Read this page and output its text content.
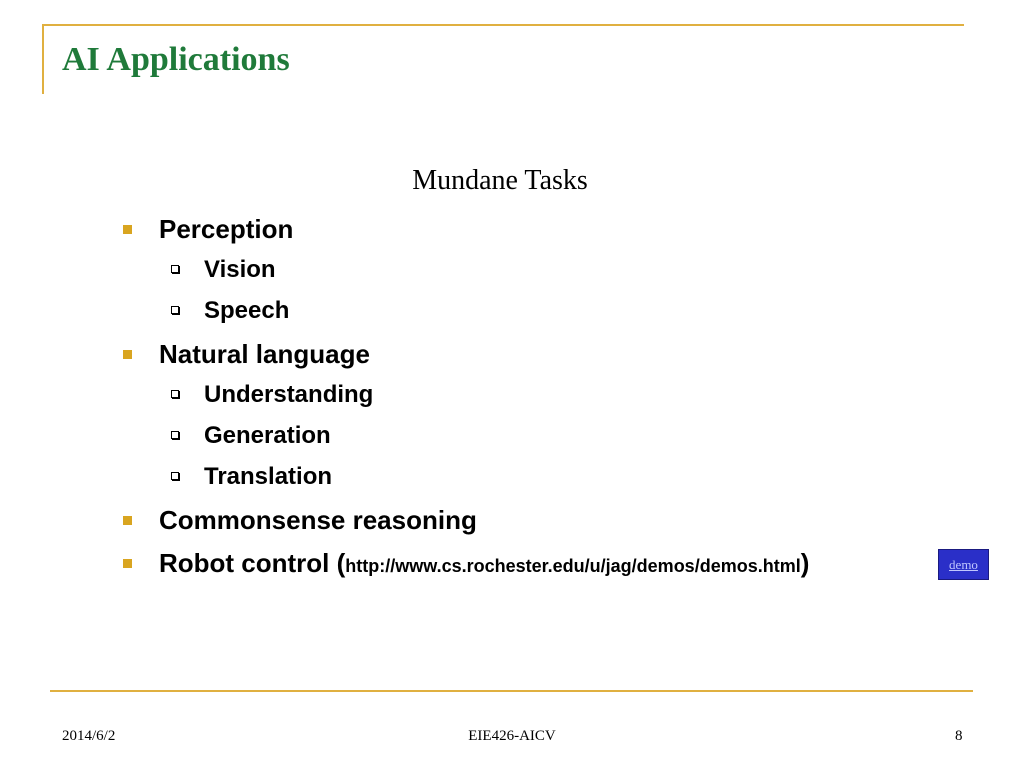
AI Applications
Mundane Tasks
Perception
Vision
Speech
Natural language
Understanding
Generation
Translation
Commonsense reasoning
Robot control (http://www.cs.rochester.edu/u/jag/demos/demos.html)	demo
2014/6/2	EIE426-AICV	8
